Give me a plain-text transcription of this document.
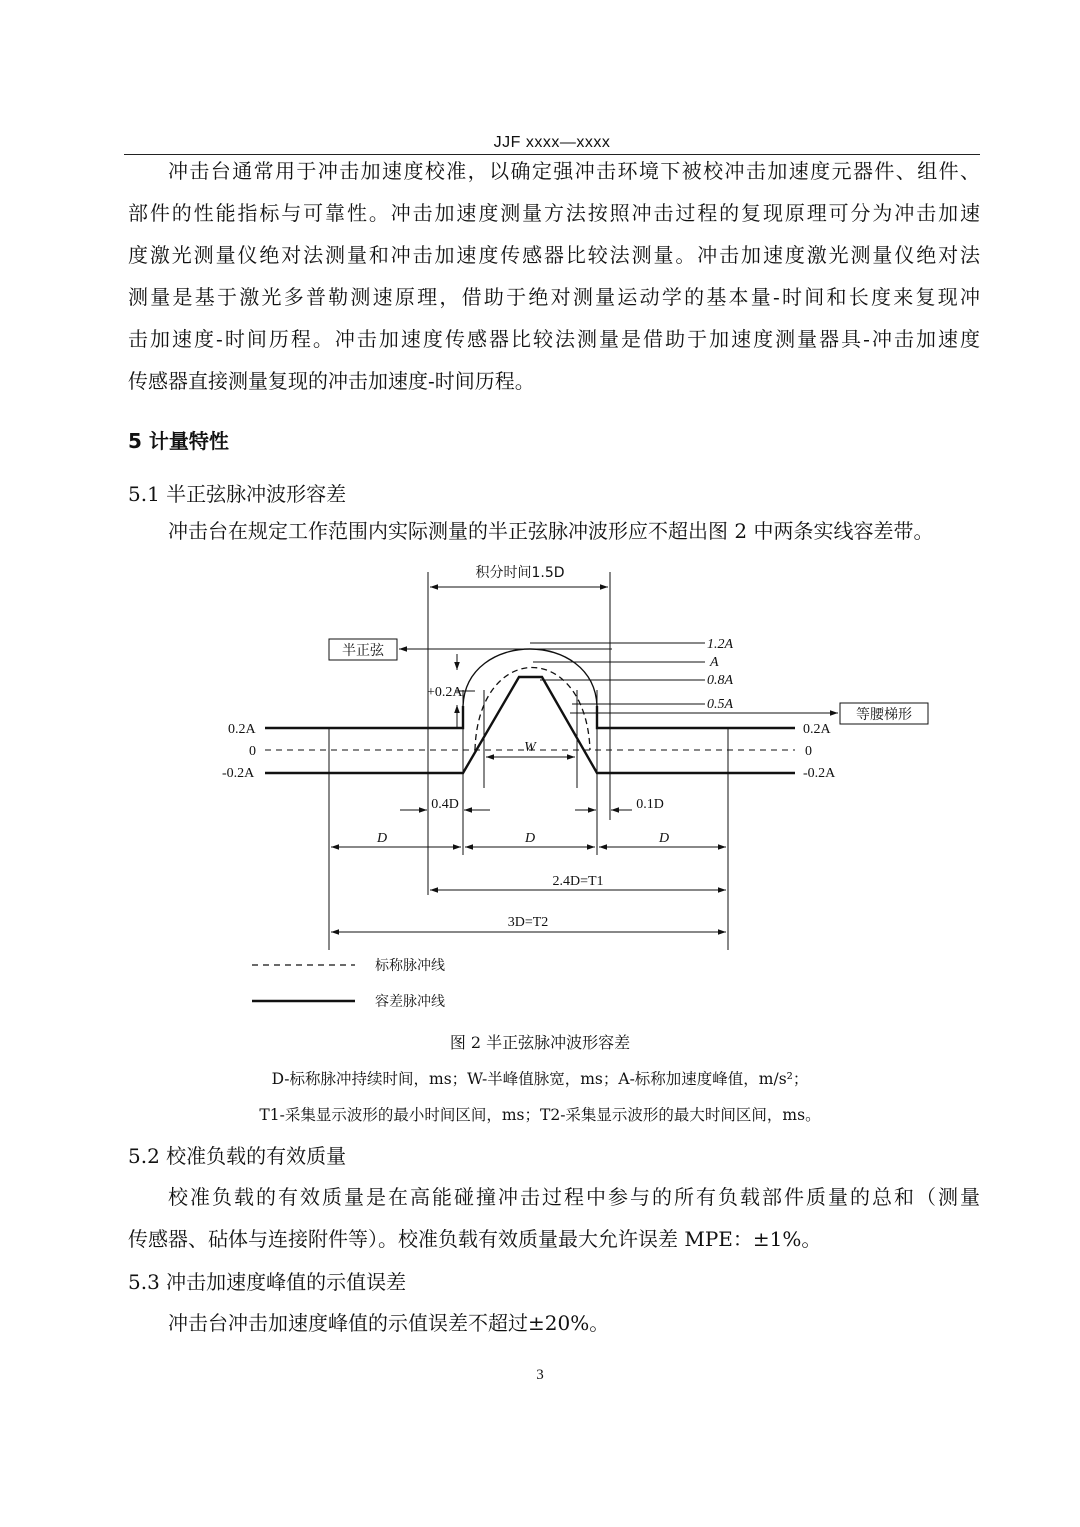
JJF xxxx—xxxx

冲击台通常用于冲击加速度校准，以确定强冲击环境下被校冲击加速度元器件、组件、

部件的性能指标与可靠性。冲击加速度测量方法按照冲击过程的复现原理可分为冲击加速

度激光测量仪绝对法测量和冲击加速度传感器比较法测量。冲击加速度激光测量仪绝对法

测量是基于激光多普勒测速原理，借助于绝对测量运动学的基本量-时间和长度来复现冲

击加速度-时间历程。冲击加速度传感器比较法测量是借助于加速度测量器具-冲击加速度

传感器直接测量复现的冲击加速度-时间历程。

5 计量特性

5.1 半正弦脉冲波形容差

冲击台在规定工作范围内实际测量的半正弦脉冲波形应不超出图 2 中两条实线容差带。

积分时间1.5D
半正弦
等腰梯形
1.2A
A
0.8A
0.5A
+0.2A
0.2A
0
-0.2A
0.2A
0
-0.2A
W
0.4D	0.1D
D	D	D
2.4D=T1
3D=T2
标称脉冲线
容差脉冲线
图 2 半正弦脉冲波形容差
D-标称脉冲持续时间，ms；W-半峰值脉宽，ms；A-标称加速度峰值，m/s²；
T1-采集显示波形的最小时间区间，ms；T2-采集显示波形的最大时间区间，ms。

5.2 校准负载的有效质量

校准负载的有效质量是在高能碰撞冲击过程中参与的所有负载部件质量的总和（测量

传感器、砧体与连接附件等）。校准负载有效质量最大允许误差 MPE：±1%。

5.3 冲击加速度峰值的示值误差

冲击台冲击加速度峰值的示值误差不超过±20%。

3
